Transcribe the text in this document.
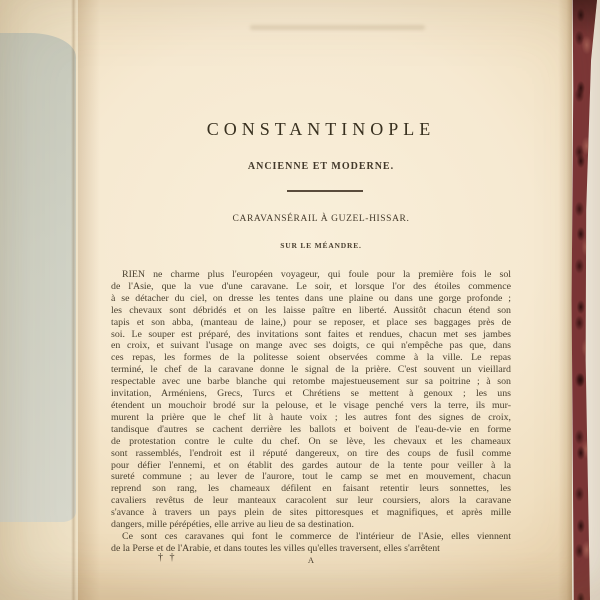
CONSTANTINOPLE
ANCIENNE ET MODERNE.
CARAVANSÉRAIL À GUZEL-HISSAR.
SUR LE MÉANDRE.
RIEN ne charme plus l'européen voyageur, qui foule pour la première fois le sol
de l'Asie, que la vue d'une caravane. Le soir, et lorsque l'or des étoiles commence
à se détacher du ciel, on dresse les tentes dans une plaine ou dans une gorge profonde ;
les chevaux sont débridés et on les laisse paître en liberté. Aussitôt chacun étend son
tapis et son abba, (manteau de laine,) pour se reposer, et place ses baggages près de
soi. Le souper est préparé, des invitations sont faites et rendues, chacun met ses jambes
en croix, et suivant l'usage on mange avec ses doigts, ce qui n'empêche pas que, dans
ces repas, les formes de la politesse soient observées comme à la ville. Le repas
terminé, le chef de la caravane donne le signal de la prière. C'est souvent un vieillard
respectable avec une barbe blanche qui retombe majestueusement sur sa poitrine ; à son
invitation, Arméniens, Grecs, Turcs et Chrétiens se mettent à genoux ; les uns
étendent un mouchoir brodé sur la pelouse, et le visage penché vers la terre, ils mur-
murent la prière que le chef lit à haute voix ; les autres font des signes de croix,
tandisque d'autres se cachent derrière les ballots et boivent de l'eau-de-vie en forme
de protestation contre le culte du chef. On se lève, les chevaux et les chameaux
sont rassemblés, l'endroit est il réputé dangereux, on tire des coups de fusil comme
pour défier l'ennemi, et on établit des gardes autour de la tente pour veiller à la
sureté commune ; au lever de l'aurore, tout le camp se met en mouvement, chacun
reprend son rang, les chameaux défilent en faisant retentir leurs sonnettes, les
cavaliers revêtus de leur manteaux caracolent sur leur coursiers, alors la caravane
s'avance à travers un pays plein de sites pittoresques et magnifiques, et après mille
dangers, mille pérépéties, elle arrive au lieu de sa destination.
Ce sont ces caravanes qui font le commerce de l'intérieur de l'Asie, elles viennent
de la Perse et de l'Arabie, et dans toutes les villes qu'elles traversent, elles s'arrêtent
† †	A
